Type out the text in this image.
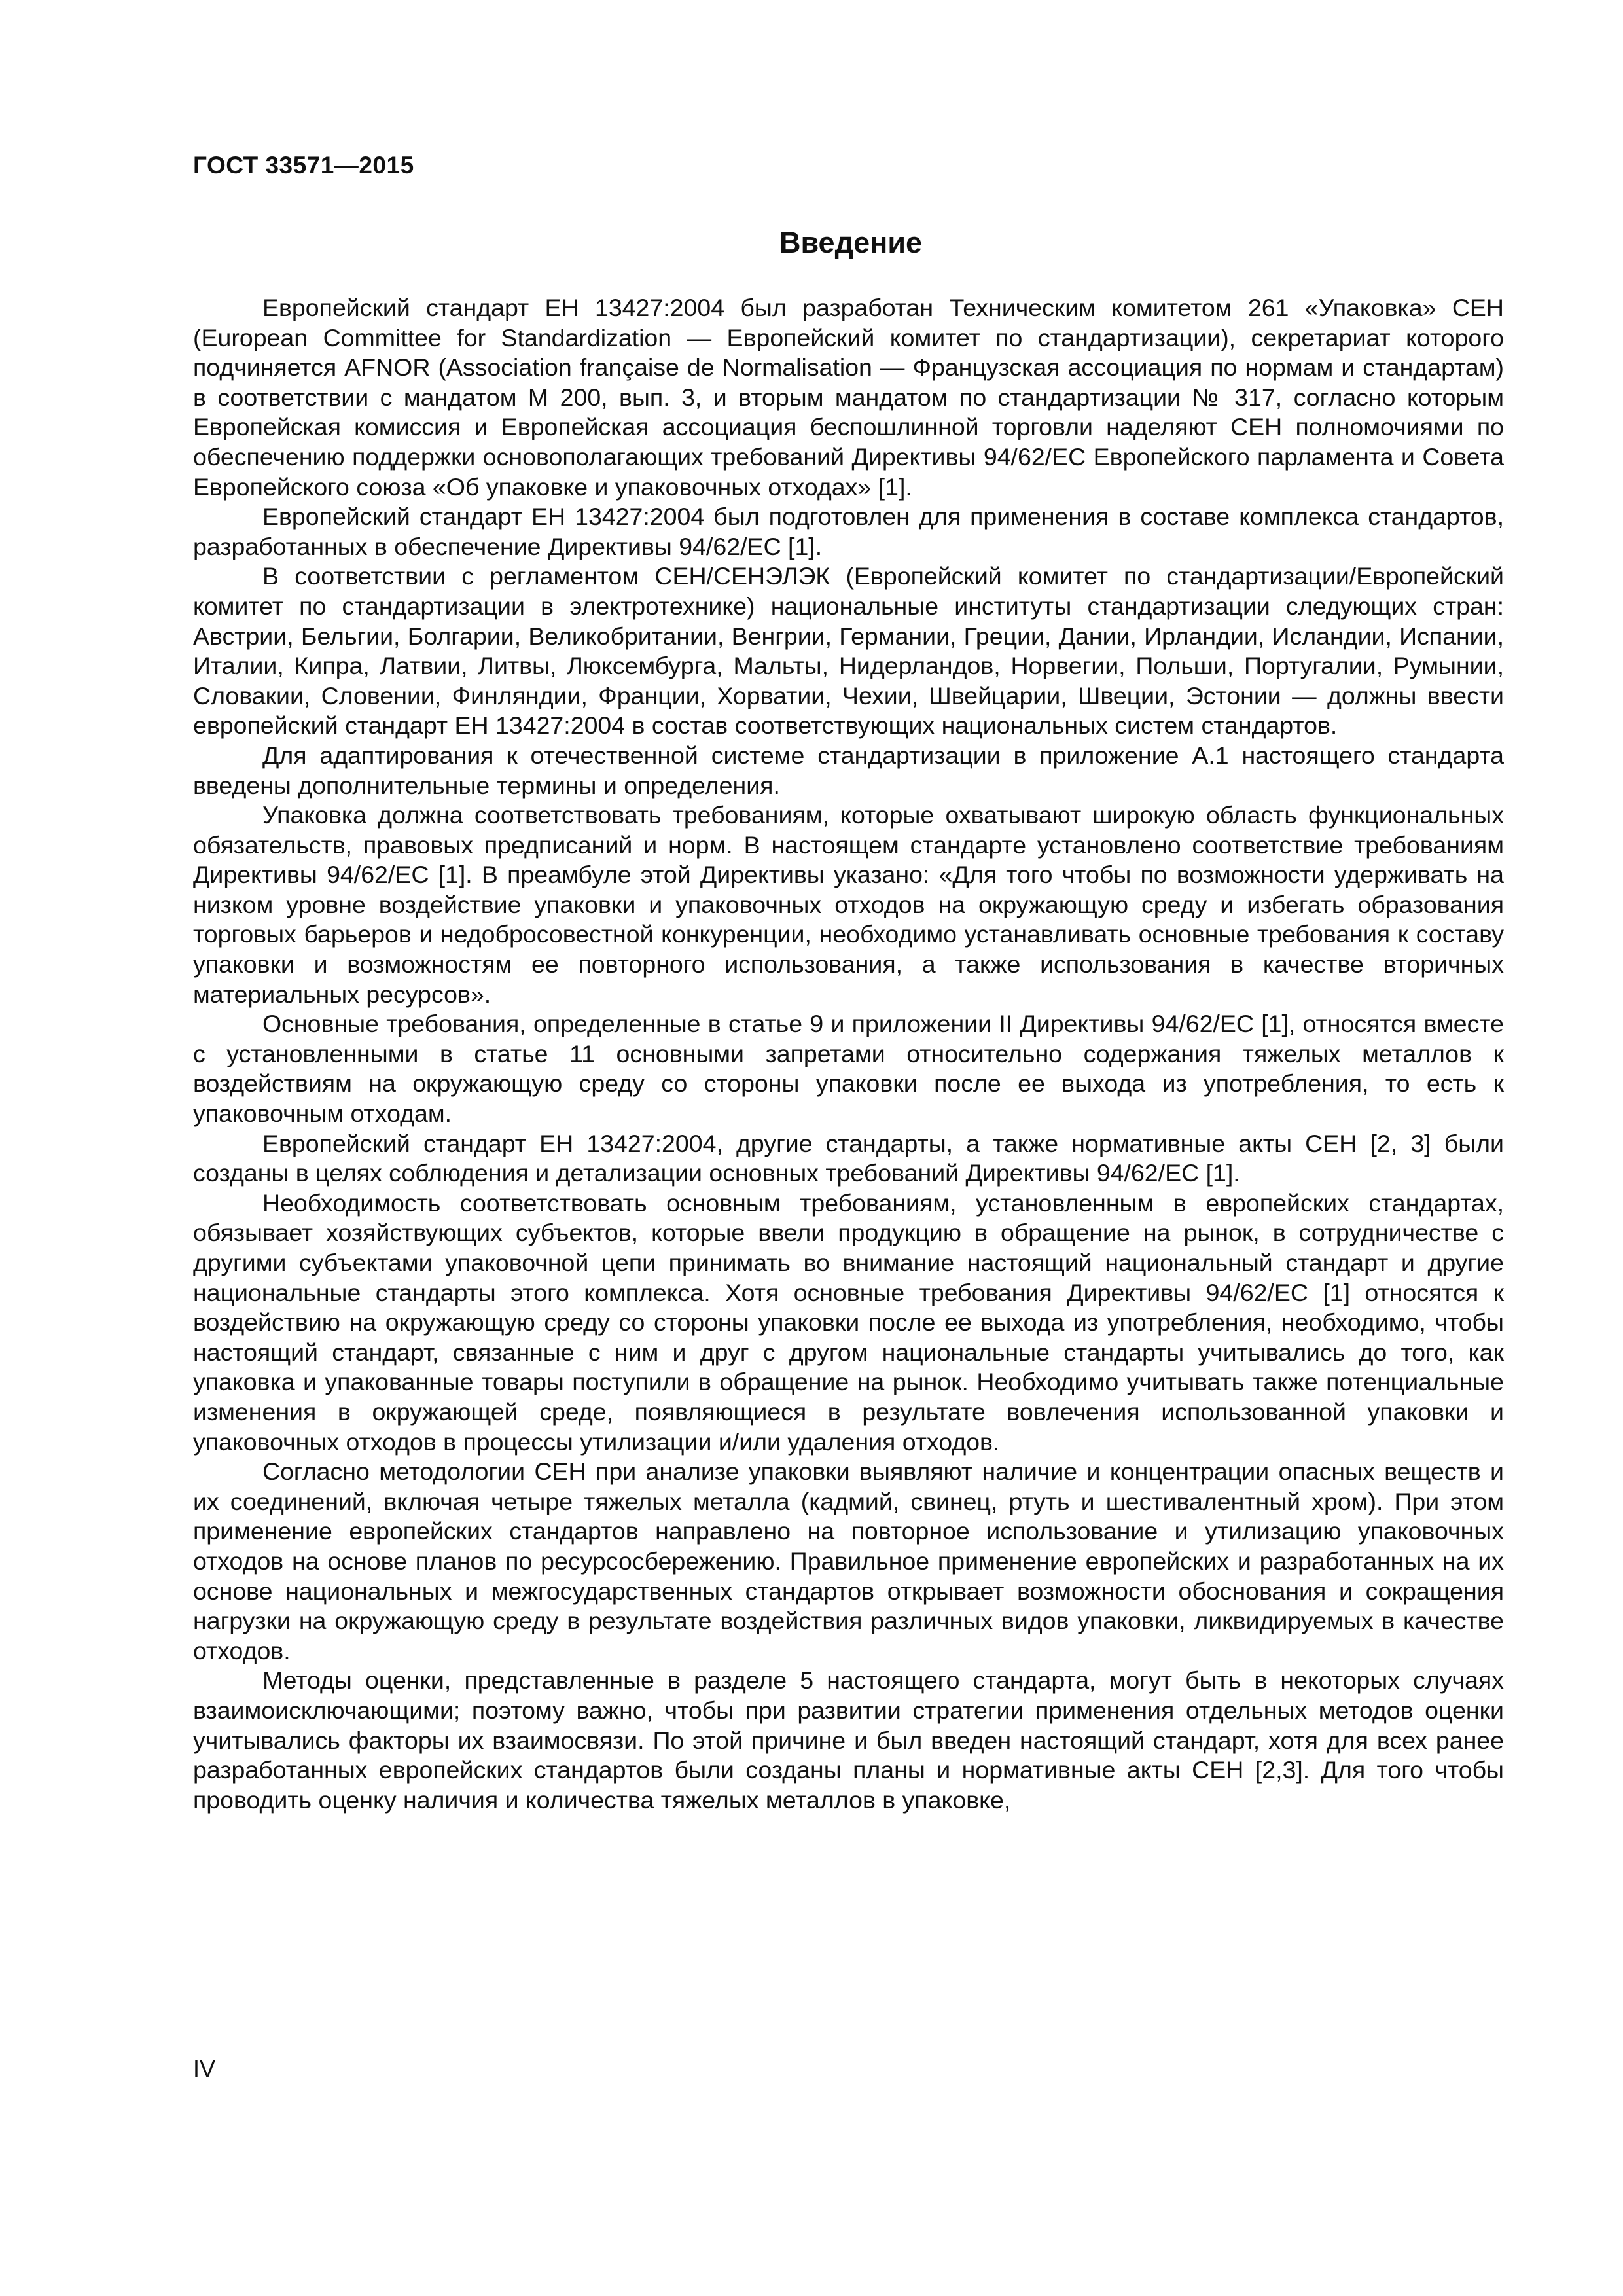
ГОСТ 33571—2015
Введение

Европейский стандарт ЕН 13427:2004 был разработан Техническим комитетом 261 «Упаковка» СЕН (European Committee for Standardization — Европейский комитет по стандартизации), секретариат которого подчиняется AFNOR (Association française de Normalisation — Французская ассоциация по нормам и стандартам) в соответствии с мандатом М 200, вып. 3, и вторым мандатом по стандартизации № 317, согласно которым Европейская комиссия и Европейская ассоциация беспошлинной торговли наделяют СЕН полномочиями по обеспечению поддержки основополагающих требований Директивы 94/62/ЕС Европейского парламента и Совета Европейского союза «Об упаковке и упаковочных отходах» [1].

Европейский стандарт ЕН 13427:2004 был подготовлен для применения в составе комплекса стандартов, разработанных в обеспечение Директивы 94/62/ЕС [1].

В соответствии с регламентом СЕН/СЕНЭЛЭК (Европейский комитет по стандартизации/Европейский комитет по стандартизации в электротехнике) национальные институты стандартизации следующих стран: Австрии, Бельгии, Болгарии, Великобритании, Венгрии, Германии, Греции, Дании, Ирландии, Исландии, Испании, Италии, Кипра, Латвии, Литвы, Люксембурга, Мальты, Нидерландов, Норвегии, Польши, Португалии, Румынии, Словакии, Словении, Финляндии, Франции, Хорватии, Чехии, Швейцарии, Швеции, Эстонии — должны ввести европейский стандарт ЕН 13427:2004 в состав соответствующих национальных систем стандартов.

Для адаптирования к отечественной системе стандартизации в приложение А.1 настоящего стандарта введены дополнительные термины и определения.

Упаковка должна соответствовать требованиям, которые охватывают широкую область функциональных обязательств, правовых предписаний и норм. В настоящем стандарте установлено соответствие требованиям Директивы 94/62/ЕС [1]. В преамбуле этой Директивы указано: «Для того чтобы по возможности удерживать на низком уровне воздействие упаковки и упаковочных отходов на окружающую среду и избегать образования торговых барьеров и недобросовестной конкуренции, необходимо устанавливать основные требования к составу упаковки и возможностям ее повторного использования, а также использования в качестве вторичных материальных ресурсов».

Основные требования, определенные в статье 9 и приложении II Директивы 94/62/ЕС [1], относятся вместе с установленными в статье 11 основными запретами относительно содержания тяжелых металлов к воздействиям на окружающую среду со стороны упаковки после ее выхода из употребления, то есть к упаковочным отходам.

Европейский стандарт ЕН 13427:2004, другие стандарты, а также нормативные акты СЕН [2, 3] были созданы в целях соблюдения и детализации основных требований Директивы 94/62/ЕС [1].

Необходимость соответствовать основным требованиям, установленным в европейских стандартах, обязывает хозяйствующих субъектов, которые ввели продукцию в обращение на рынок, в сотрудничестве с другими субъектами упаковочной цепи принимать во внимание настоящий национальный стандарт и другие национальные стандарты этого комплекса. Хотя основные требования Директивы 94/62/ЕС [1] относятся к воздействию на окружающую среду со стороны упаковки после ее выхода из употребления, необходимо, чтобы настоящий стандарт, связанные с ним и друг с другом национальные стандарты учитывались до того, как упаковка и упакованные товары поступили в обращение на рынок. Необходимо учитывать также потенциальные изменения в окружающей среде, появляющиеся в результате вовлечения использованной упаковки и упаковочных отходов в процессы утилизации и/или удаления отходов.

Согласно методологии СЕН при анализе упаковки выявляют наличие и концентрации опасных веществ и их соединений, включая четыре тяжелых металла (кадмий, свинец, ртуть и шестивалентный хром). При этом применение европейских стандартов направлено на повторное использование и утилизацию упаковочных отходов на основе планов по ресурсосбережению. Правильное применение европейских и разработанных на их основе национальных и межгосударственных стандартов открывает возможности обоснования и сокращения нагрузки на окружающую среду в результате воздействия различных видов упаковки, ликвидируемых в качестве отходов.

Методы оценки, представленные в разделе 5 настоящего стандарта, могут быть в некоторых случаях взаимоисключающими; поэтому важно, чтобы при развитии стратегии применения отдельных методов оценки учитывались факторы их взаимосвязи. По этой причине и был введен настоящий стандарт, хотя для всех ранее разработанных европейских стандартов были созданы планы и нормативные акты СЕН [2,3]. Для того чтобы проводить оценку наличия и количества тяжелых металлов в упаковке,

IV
